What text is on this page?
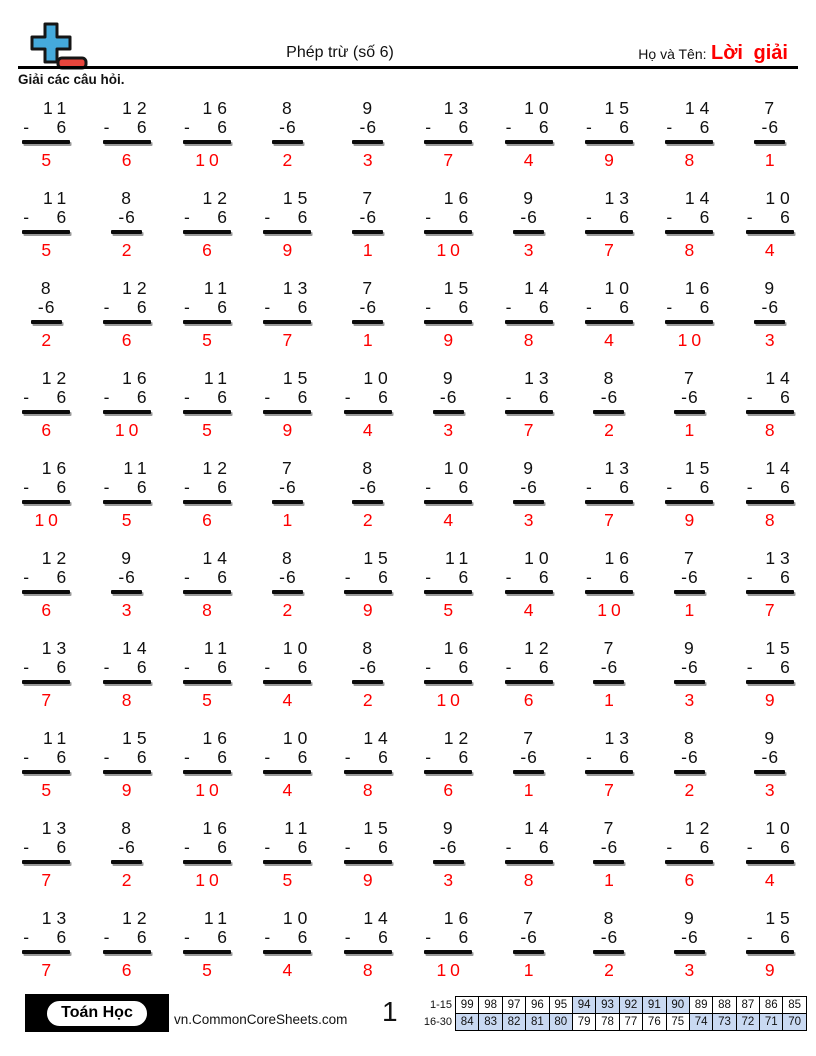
Phép trừ (số 6)	Họ và Tên: Lời giải
Giải các câu hỏi.
11
- 6
5
12
- 6
6
16
- 6
10
8
- 6
2
9
- 6
3
13
- 6
7
10
- 6
4
15
- 6
9
14
- 6
8
7
- 6
1
11
- 6
5
8
- 6
2
12
- 6
6
15
- 6
9
7
- 6
1
16
- 6
10
9
- 6
3
13
- 6
7
14
- 6
8
10
- 6
4
8
- 6
2
12
- 6
6
11
- 6
5
13
- 6
7
7
- 6
1
15
- 6
9
14
- 6
8
10
- 6
4
16
- 6
10
9
- 6
3
12
- 6
6
16
- 6
10
11
- 6
5
15
- 6
9
10
- 6
4
9
- 6
3
13
- 6
7
8
- 6
2
7
- 6
1
14
- 6
8
16
- 6
10
11
- 6
5
12
- 6
6
7
- 6
1
8
- 6
2
10
- 6
4
9
- 6
3
13
- 6
7
15
- 6
9
14
- 6
8
12
- 6
6
9
- 6
3
14
- 6
8
8
- 6
2
15
- 6
9
11
- 6
5
10
- 6
4
16
- 6
10
7
- 6
1
13
- 6
7
13
- 6
7
14
- 6
8
11
- 6
5
10
- 6
4
8
- 6
2
16
- 6
10
12
- 6
6
7
- 6
1
9
- 6
3
15
- 6
9
11
- 6
5
15
- 6
9
16
- 6
10
10
- 6
4
14
- 6
8
12
- 6
6
7
- 6
1
13
- 6
7
8
- 6
2
9
- 6
3
13
- 6
7
8
- 6
2
16
- 6
10
11
- 6
5
15
- 6
9
9
- 6
3
14
- 6
8
7
- 6
1
12
- 6
6
10
- 6
4
13
- 6
7
12
- 6
6
11
- 6
5
10
- 6
4
14
- 6
8
16
- 6
10
7
- 6
1
8
- 6
2
9
- 6
3
15
- 6
9
Toán Học	vn.CommonCoreSheets.com 1	1-15 99 98 97 96 95 94 93 92 91 90 89 88 87 86 85
16-30 84 83 82 81 80 79 78 77 76 75 74 73 72 71 70
